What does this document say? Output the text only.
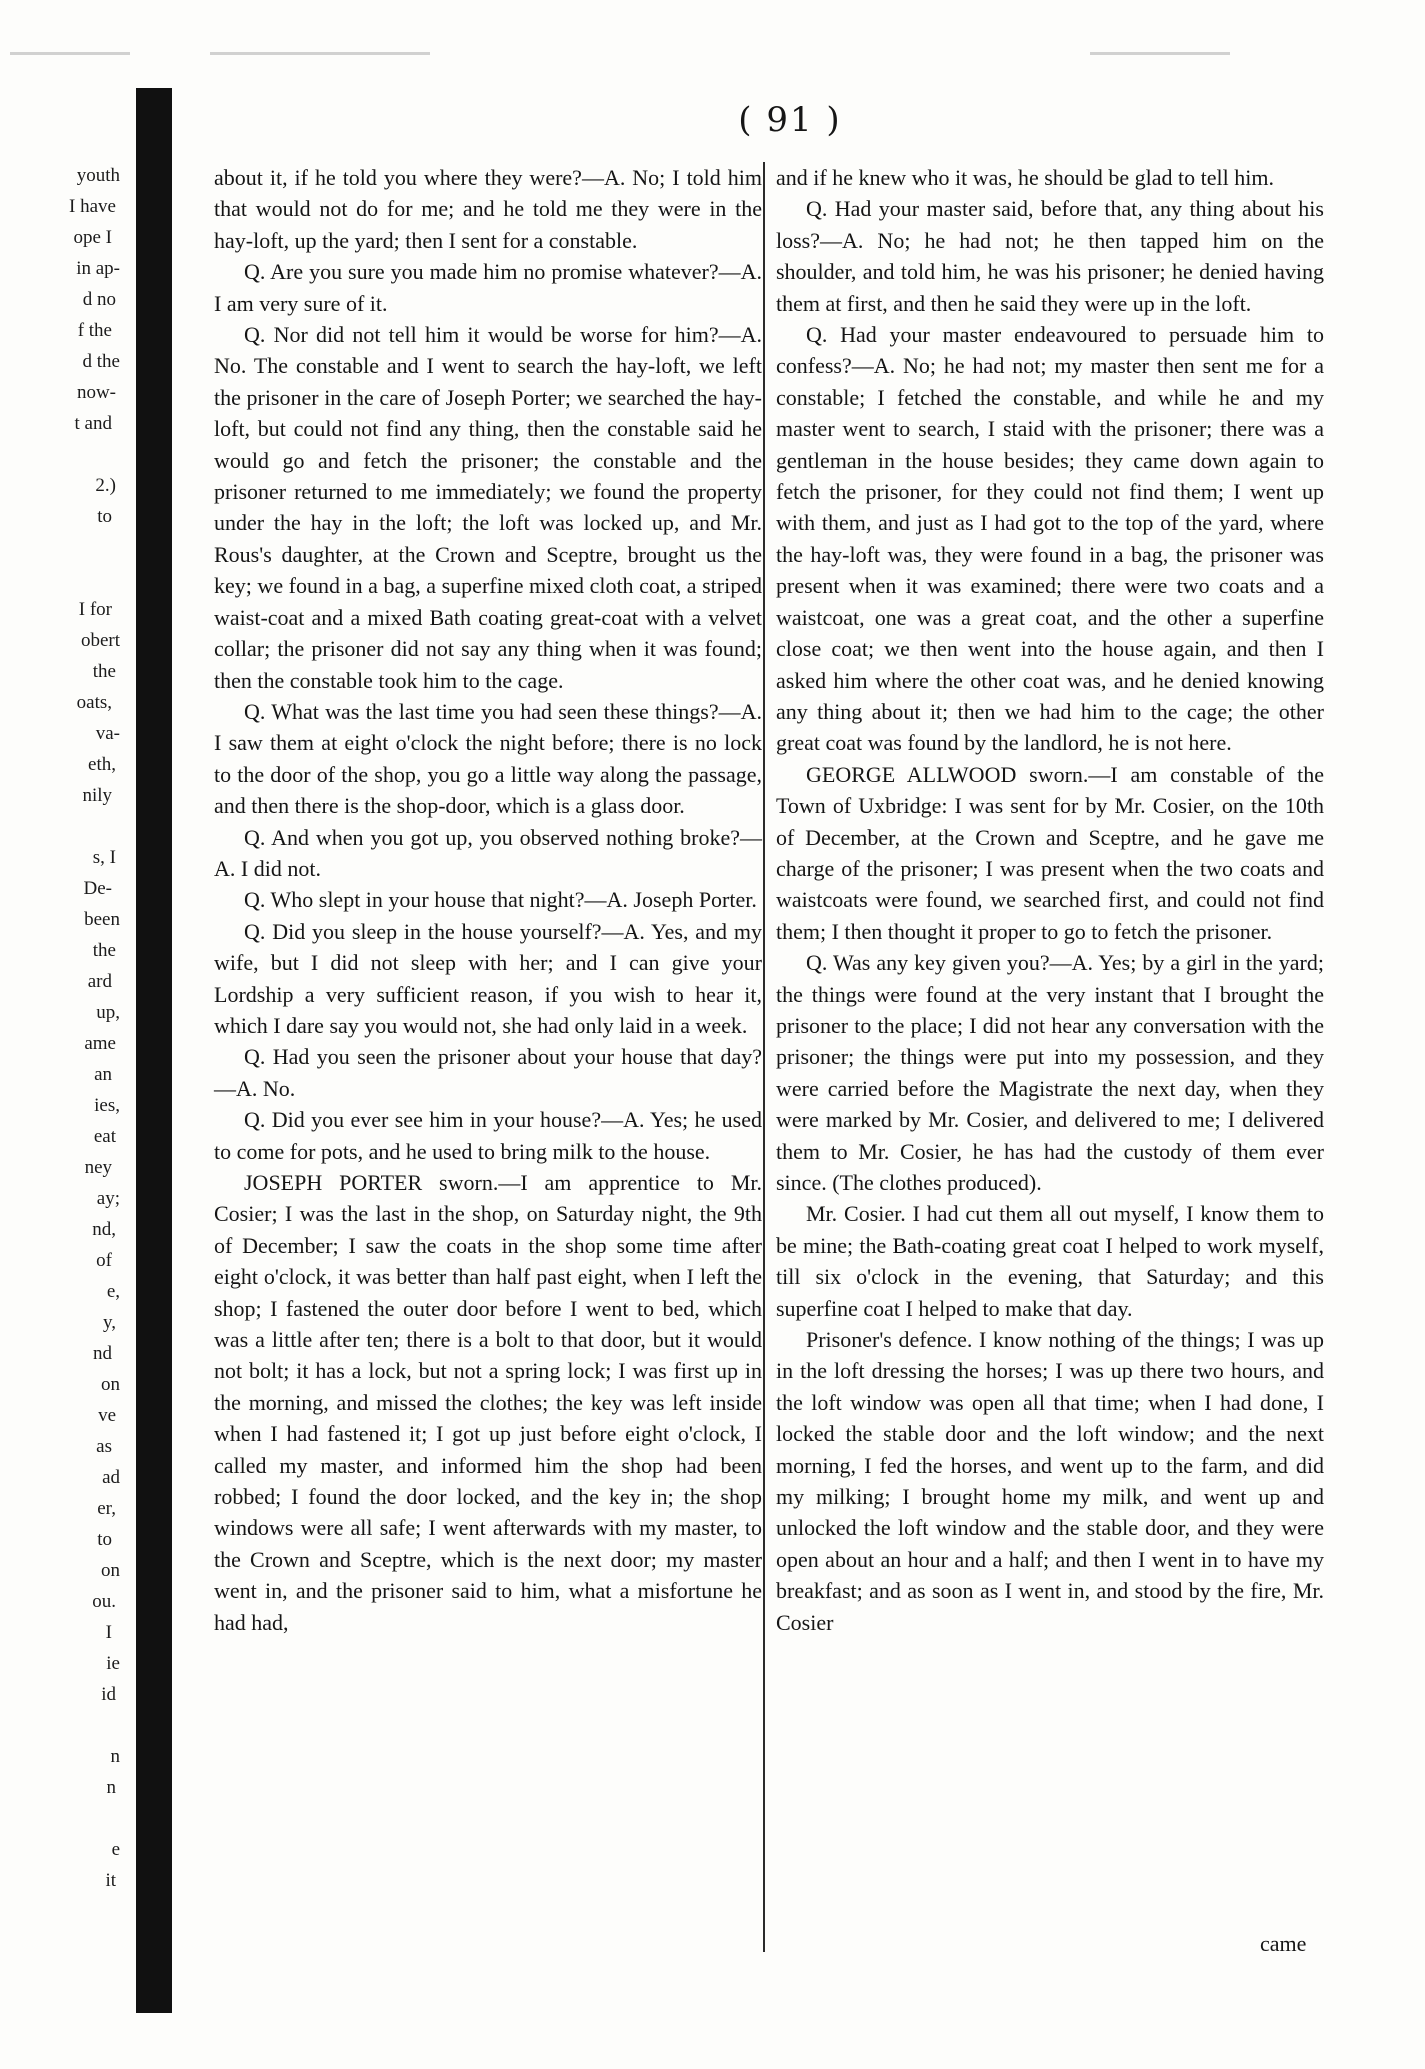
( 91 )
youth
I have
ope I
in ap-
d no
f the
d the
now-
t and
2.)
to
I for
obert
the
oats,
va-
eth,
nily
s, I
De-
been
the
ard
up,
ame
an
ies,
eat
ney
ay;
nd,
of
e,
y,
nd
on
ve
as
ad
er,
to
on
ou.
I
ie
id
n
n
e
it

about it, if he told you where they were?—A. No; I told him that would not do for me; and he told me they were in the hay-loft, up the yard; then I sent for a constable.

Q. Are you sure you made him no promise whatever?—A. I am very sure of it.

Q. Nor did not tell him it would be worse for him?—A. No. The constable and I went to search the hay-loft, we left the prisoner in the care of Joseph Porter; we searched the hay-loft, but could not find any thing, then the constable said he would go and fetch the prisoner; the constable and the prisoner returned to me immediately; we found the property under the hay in the loft; the loft was locked up, and Mr. Rous's daughter, at the Crown and Sceptre, brought us the key; we found in a bag, a superfine mixed cloth coat, a striped waist-coat and a mixed Bath coating great-coat with a velvet collar; the prisoner did not say any thing when it was found; then the constable took him to the cage.

Q. What was the last time you had seen these things?—A. I saw them at eight o'clock the night before; there is no lock to the door of the shop, you go a little way along the passage, and then there is the shop-door, which is a glass door.

Q. And when you got up, you observed nothing broke?—A. I did not.

Q. Who slept in your house that night?—A. Joseph Porter.

Q. Did you sleep in the house yourself?—A. Yes, and my wife, but I did not sleep with her; and I can give your Lordship a very sufficient reason, if you wish to hear it, which I dare say you would not, she had only laid in a week.

Q. Had you seen the prisoner about your house that day?—A. No.

Q. Did you ever see him in your house?—A. Yes; he used to come for pots, and he used to bring milk to the house.

JOSEPH PORTER sworn.—I am apprentice to Mr. Cosier; I was the last in the shop, on Saturday night, the 9th of December; I saw the coats in the shop some time after eight o'clock, it was better than half past eight, when I left the shop; I fastened the outer door before I went to bed, which was a little after ten; there is a bolt to that door, but it would not bolt; it has a lock, but not a spring lock; I was first up in the morning, and missed the clothes; the key was left inside when I had fastened it; I got up just before eight o'clock, I called my master, and informed him the shop had been robbed; I found the door locked, and the key in; the shop windows were all safe; I went afterwards with my master, to the Crown and Sceptre, which is the next door; my master went in, and the prisoner said to him, what a misfortune he had had,

and if he knew who it was, he should be glad to tell him.

Q. Had your master said, before that, any thing about his loss?—A. No; he had not; he then tapped him on the shoulder, and told him, he was his prisoner; he denied having them at first, and then he said they were up in the loft.

Q. Had your master endeavoured to persuade him to confess?—A. No; he had not; my master then sent me for a constable; I fetched the constable, and while he and my master went to search, I staid with the prisoner; there was a gentleman in the house besides; they came down again to fetch the prisoner, for they could not find them; I went up with them, and just as I had got to the top of the yard, where the hay-loft was, they were found in a bag, the prisoner was present when it was examined; there were two coats and a waistcoat, one was a great coat, and the other a superfine close coat; we then went into the house again, and then I asked him where the other coat was, and he denied knowing any thing about it; then we had him to the cage; the other great coat was found by the landlord, he is not here.

GEORGE ALLWOOD sworn.—I am constable of the Town of Uxbridge: I was sent for by Mr. Cosier, on the 10th of December, at the Crown and Sceptre, and he gave me charge of the prisoner; I was present when the two coats and waistcoats were found, we searched first, and could not find them; I then thought it proper to go to fetch the prisoner.

Q. Was any key given you?—A. Yes; by a girl in the yard; the things were found at the very instant that I brought the prisoner to the place; I did not hear any conversation with the prisoner; the things were put into my possession, and they were carried before the Magistrate the next day, when they were marked by Mr. Cosier, and delivered to me; I delivered them to Mr. Cosier, he has had the custody of them ever since. (The clothes produced).

Mr. Cosier. I had cut them all out myself, I know them to be mine; the Bath-coating great coat I helped to work myself, till six o'clock in the evening, that Saturday; and this superfine coat I helped to make that day.

Prisoner's defence. I know nothing of the things; I was up in the loft dressing the horses; I was up there two hours, and the loft window was open all that time; when I had done, I locked the stable door and the loft window; and the next morning, I fed the horses, and went up to the farm, and did my milking; I brought home my milk, and went up and unlocked the loft window and the stable door, and they were open about an hour and a half; and then I went in to have my breakfast; and as soon as I went in, and stood by the fire, Mr. Cosier

came
